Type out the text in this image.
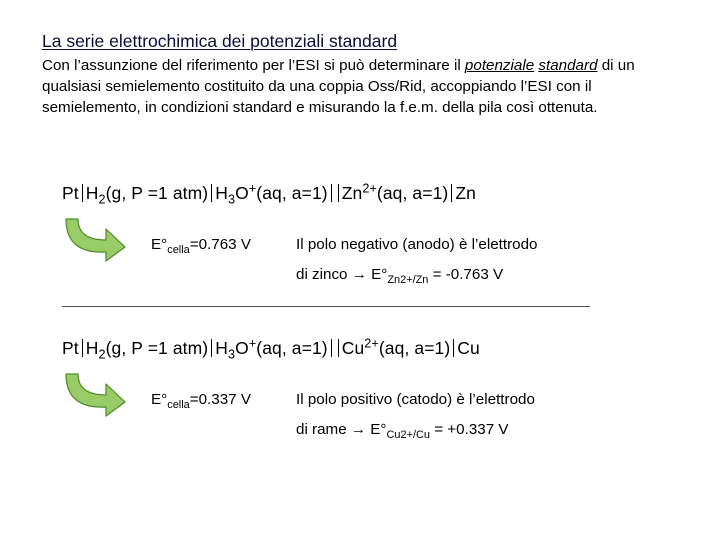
La serie elettrochimica dei potenziali standard
Con l’assunzione del riferimento per l’ESI si può determinare il potenziale standard di un qualsiasi semielemento costituito da una coppia Oss/Rid, accoppiando l’ESI con il semielemento, in condizioni standard e misurando la f.e.m. della pila così ottenuta.
Pt $H_2(g$, P =1 atm) $H_3O^+(aq$, a=1) $Zn^{2+}(aq$, a=1) Zn
$E^\circ_{cella}=0.763$ V	Il polo negativo (anodo) è l’elettrodo
di zinco → $E^\circ_{Zn2+/Zn} = -0.763$ V
Pt $H_2(g$, P =1 atm) $H_3O^+(aq$, a=1) $Cu^{2+}(aq$, a=1) Cu
$E^\circ_{cella}=0.337$ V	Il polo positivo (catodo) è l’elettrodo
di rame → $E^\circ_{Cu2+/Cu} = +0.337$ V
